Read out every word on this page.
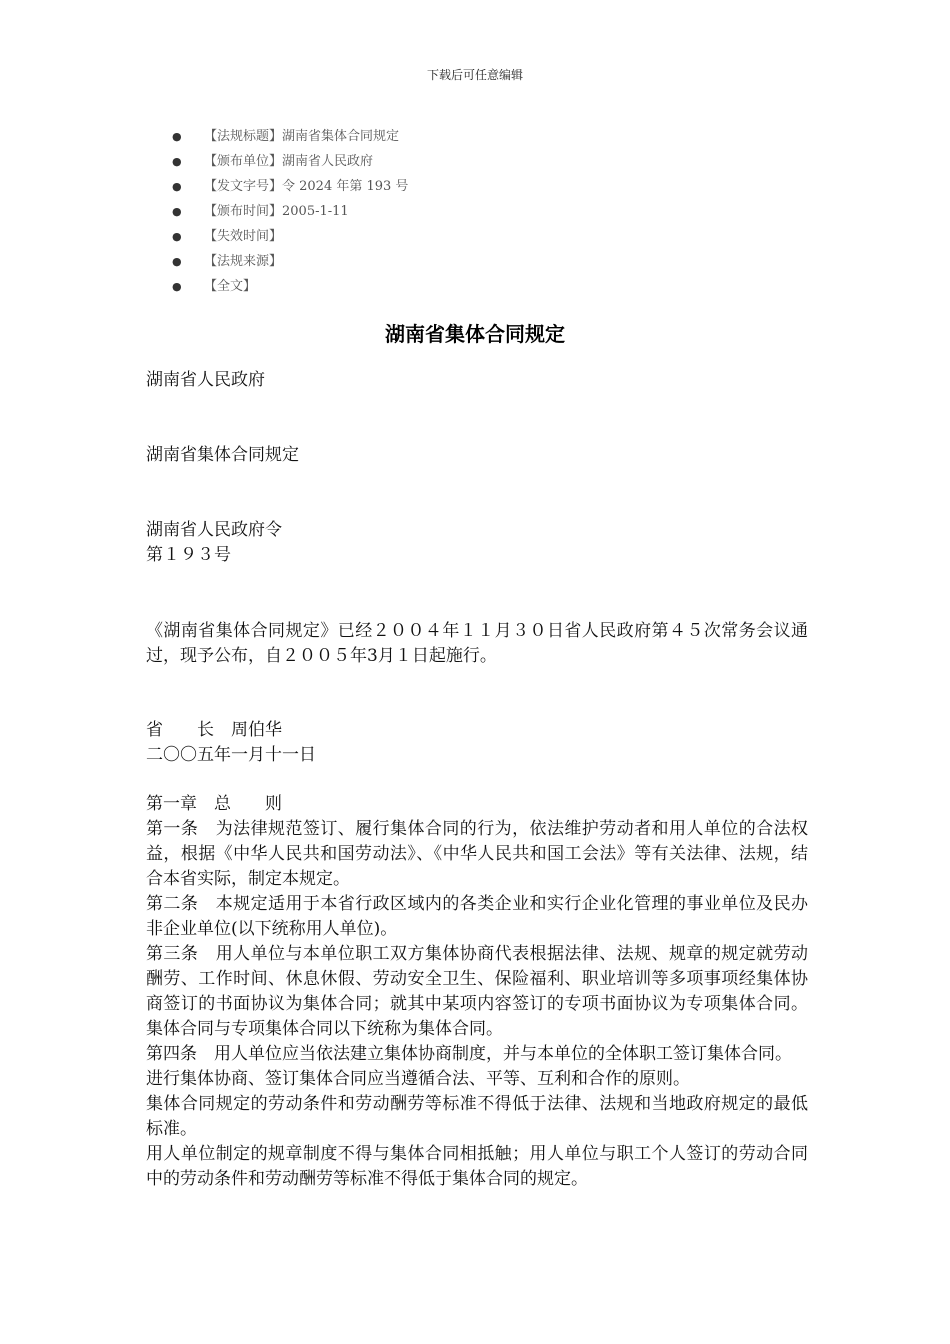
下载后可任意编辑
● 【法规标题】湖南省集体合同规定
● 【颁布单位】湖南省人民政府
● 【发文字号】令 2024 年第 193 号
● 【颁布时间】2005-1-11
● 【失效时间】
● 【法规来源】
● 【全文】
湖南省集体合同规定
湖南省人民政府
湖南省集体合同规定
湖南省人民政府令
第１９３号
《湖南省集体合同规定》已经２００４年１１月３０日省人民政府第４５次常务会议通过，现予公布，自２００５年3月１日起施行。
省　　长　周伯华
二〇〇五年一月十一日
第一章　总　　则
第一条　为法律规范签订、履行集体合同的行为，依法维护劳动者和用人单位的合法权益，根据《中华人民共和国劳动法》、《中华人民共和国工会法》等有关法律、法规，结合本省实际，制定本规定。
第二条　本规定适用于本省行政区域内的各类企业和实行企业化管理的事业单位及民办非企业单位(以下统称用人单位)。
第三条　用人单位与本单位职工双方集体协商代表根据法律、法规、规章的规定就劳动酬劳、工作时间、休息休假、劳动安全卫生、保险福利、职业培训等多项事项经集体协商签订的书面协议为集体合同；就其中某项内容签订的专项书面协议为专项集体合同。集体合同与专项集体合同以下统称为集体合同。
第四条　用人单位应当依法建立集体协商制度，并与本单位的全体职工签订集体合同。
进行集体协商、签订集体合同应当遵循合法、平等、互利和合作的原则。
集体合同规定的劳动条件和劳动酬劳等标准不得低于法律、法规和当地政府规定的最低标准。
用人单位制定的规章制度不得与集体合同相抵触；用人单位与职工个人签订的劳动合同中的劳动条件和劳动酬劳等标准不得低于集体合同的规定。
